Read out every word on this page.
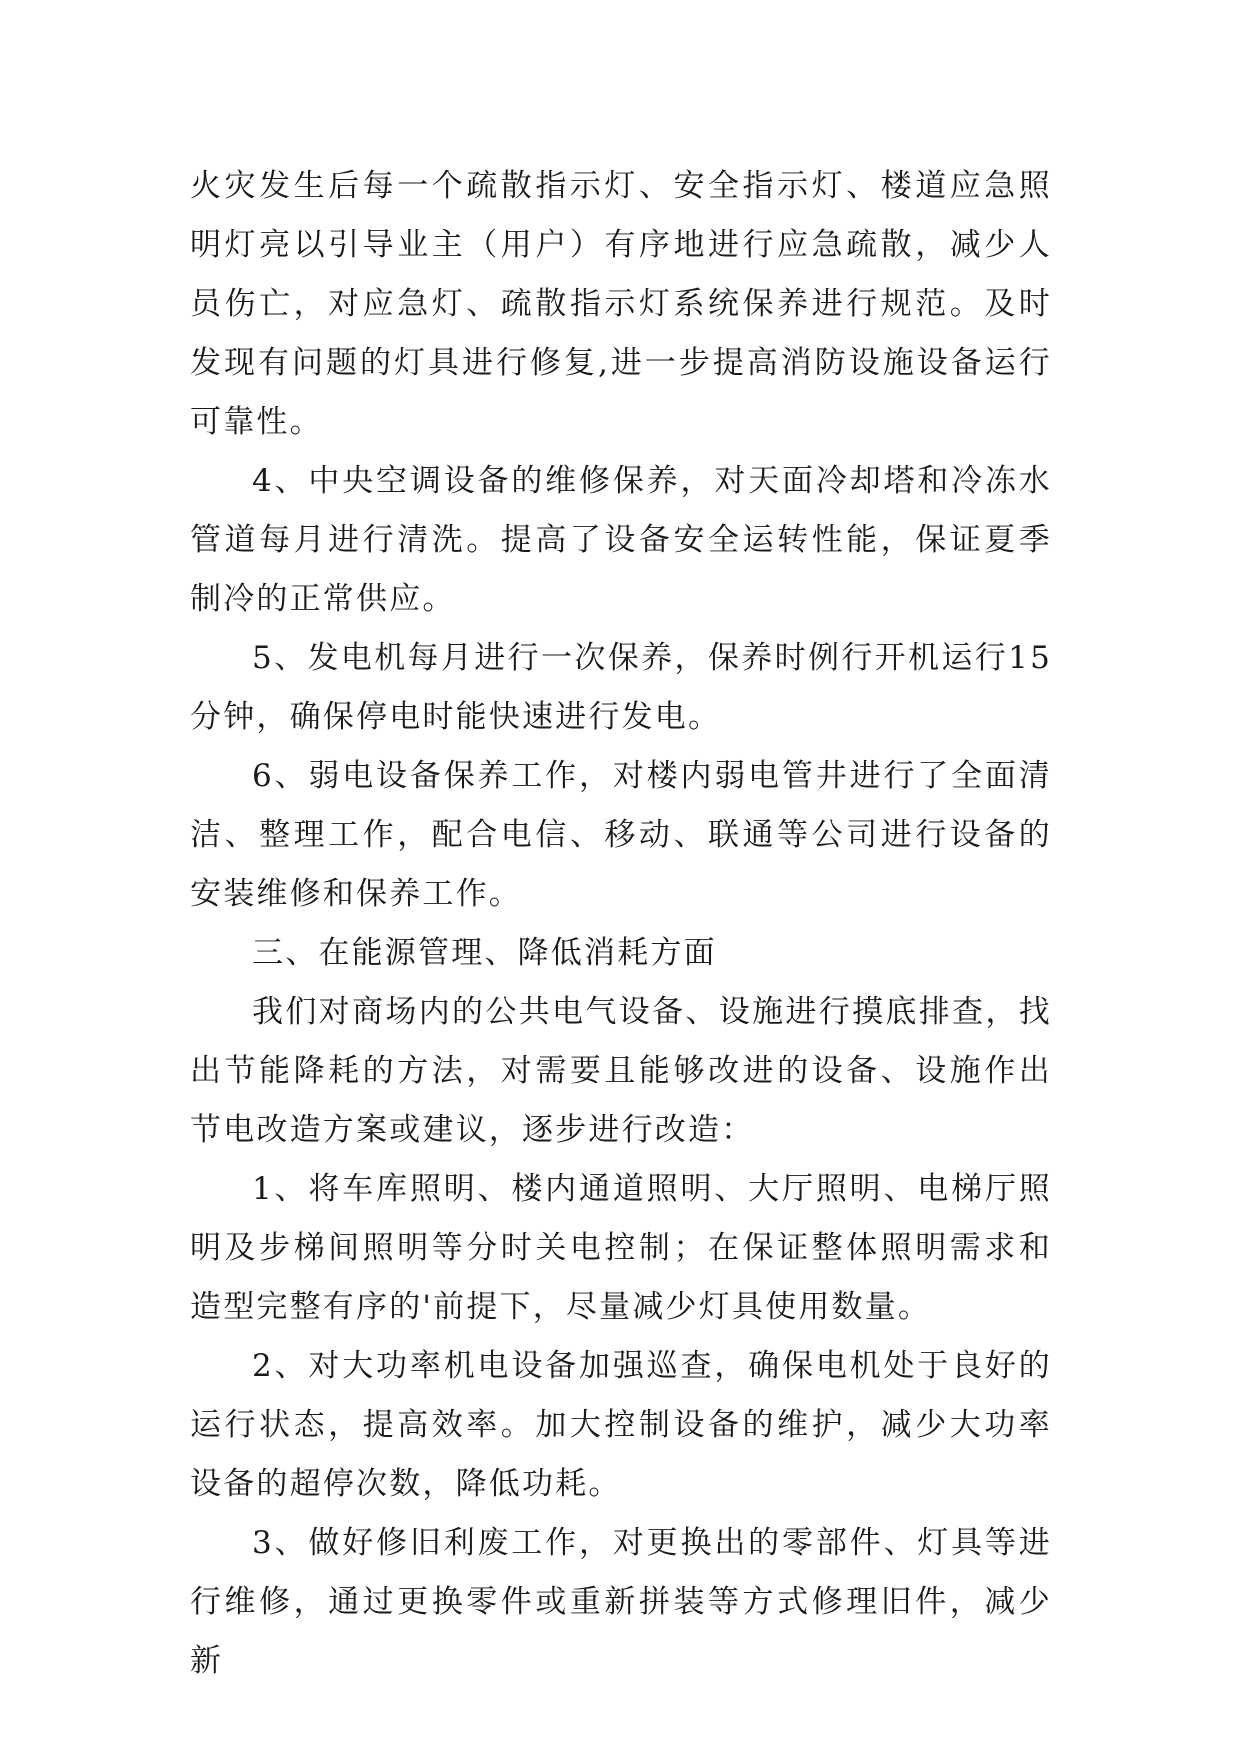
火灾发生后每一个疏散指示灯、安全指示灯、楼道应急照明灯亮以引导业主（用户）有序地进行应急疏散，减少人员伤亡，对应急灯、疏散指示灯系统保养进行规范。及时发现有问题的灯具进行修复,进一步提高消防设施设备运行可靠性。

4、中央空调设备的维修保养，对天面冷却塔和冷冻水管道每月进行清洗。提高了设备安全运转性能，保证夏季制冷的正常供应。

5、发电机每月进行一次保养，保养时例行开机运行15分钟，确保停电时能快速进行发电。

6、弱电设备保养工作，对楼内弱电管井进行了全面清洁、整理工作，配合电信、移动、联通等公司进行设备的安装维修和保养工作。

三、在能源管理、降低消耗方面

我们对商场内的公共电气设备、设施进行摸底排查，找出节能降耗的方法，对需要且能够改进的设备、设施作出节电改造方案或建议，逐步进行改造：

1、将车库照明、楼内通道照明、大厅照明、电梯厅照明及步梯间照明等分时关电控制；在保证整体照明需求和造型完整有序的'前提下，尽量减少灯具使用数量。

2、对大功率机电设备加强巡查，确保电机处于良好的运行状态，提高效率。加大控制设备的维护，减少大功率设备的超停次数，降低功耗。

3、做好修旧利废工作，对更换出的零部件、灯具等进行维修，通过更换零件或重新拼装等方式修理旧件，减少新
